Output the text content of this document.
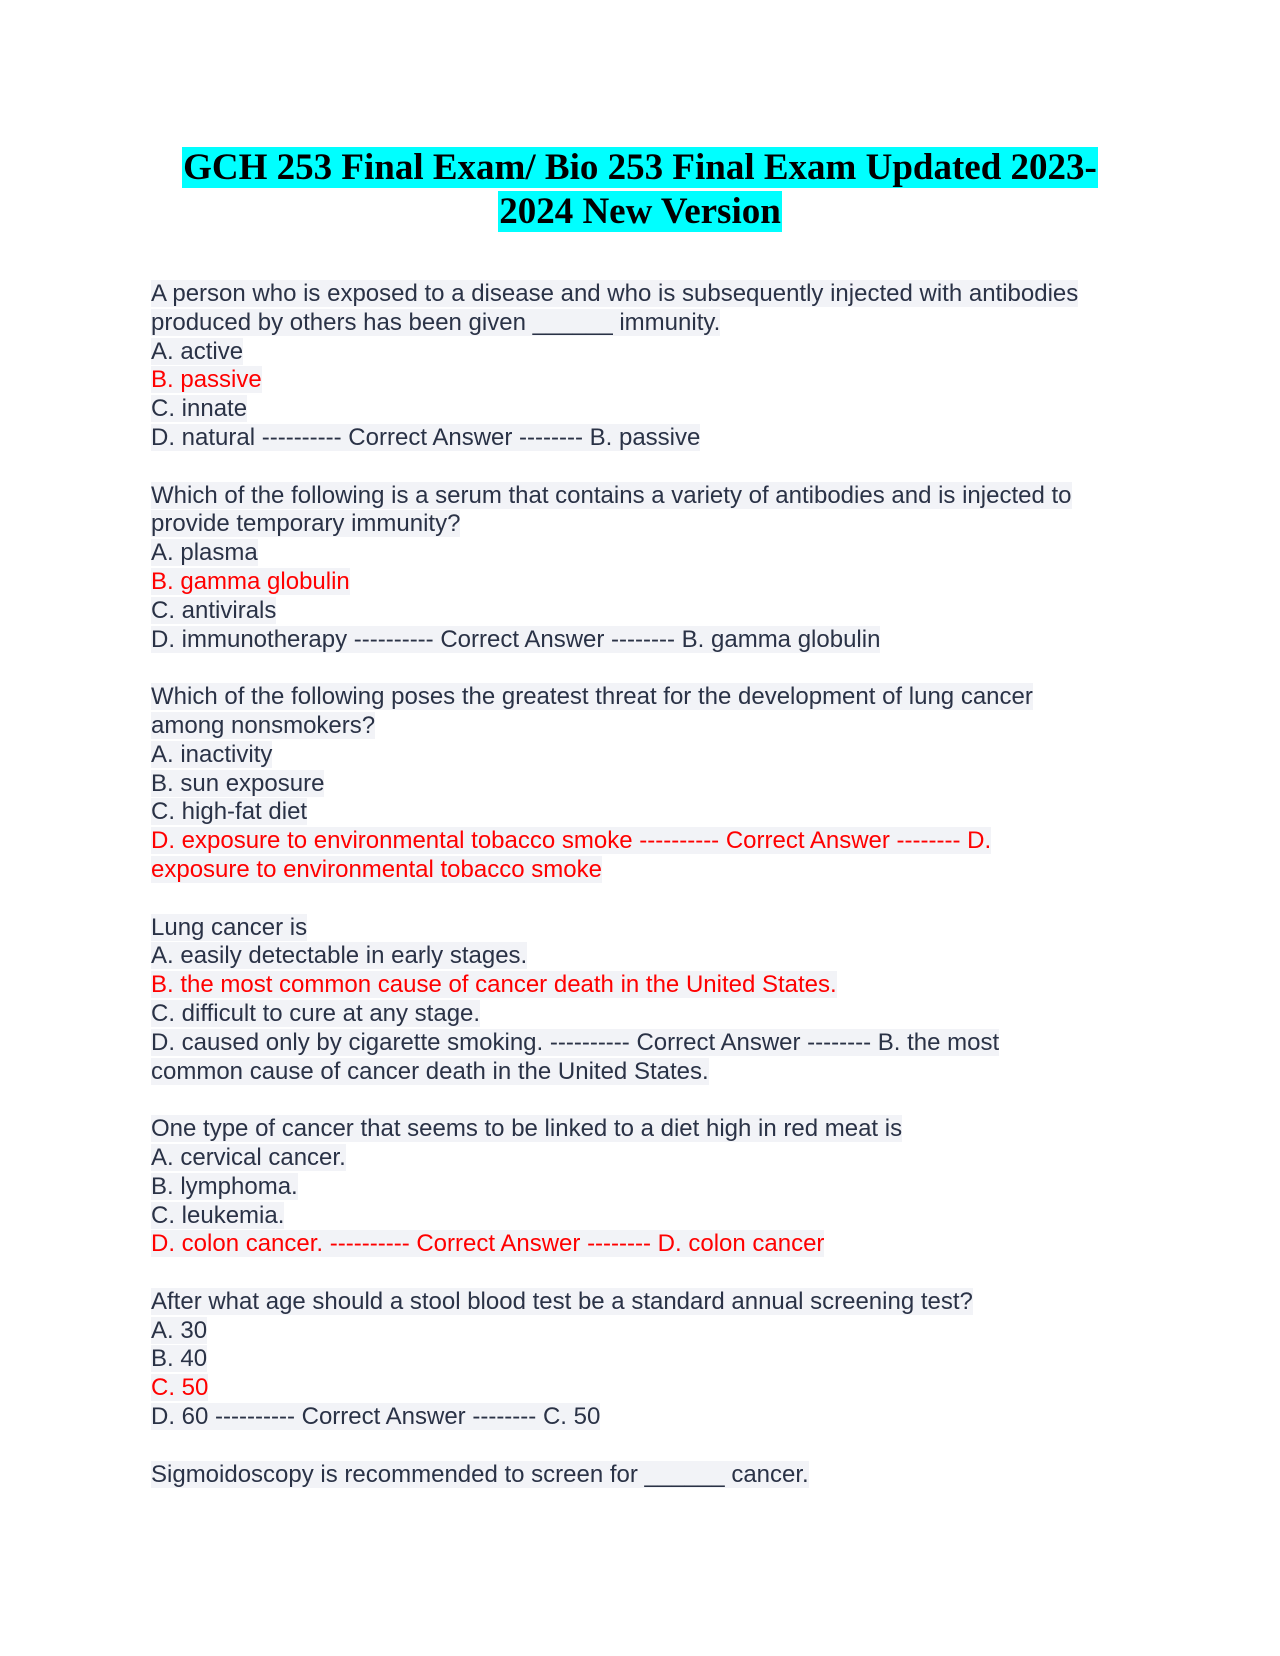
GCH 253 Final Exam/ Bio 253 Final Exam Updated 2023-
2024 New Version
A person who is exposed to a disease and who is subsequently injected with antibodies
produced by others has been given ______ immunity.
A. active
B. passive
C. innate
D. natural ---------- Correct Answer -------- B. passive
Which of the following is a serum that contains a variety of antibodies and is injected to
provide temporary immunity?
A. plasma
B. gamma globulin
C. antivirals
D. immunotherapy ---------- Correct Answer -------- B. gamma globulin
Which of the following poses the greatest threat for the development of lung cancer
among nonsmokers?
A. inactivity
B. sun exposure
C. high-fat diet
D. exposure to environmental tobacco smoke ---------- Correct Answer -------- D.
exposure to environmental tobacco smoke
Lung cancer is
A. easily detectable in early stages.
B. the most common cause of cancer death in the United States.
C. difficult to cure at any stage.
D. caused only by cigarette smoking. ---------- Correct Answer -------- B. the most
common cause of cancer death in the United States.
One type of cancer that seems to be linked to a diet high in red meat is
A. cervical cancer.
B. lymphoma.
C. leukemia.
D. colon cancer. ---------- Correct Answer -------- D. colon cancer
After what age should a stool blood test be a standard annual screening test?
A. 30
B. 40
C. 50
D. 60 ---------- Correct Answer -------- C. 50
Sigmoidoscopy is recommended to screen for ______ cancer.
